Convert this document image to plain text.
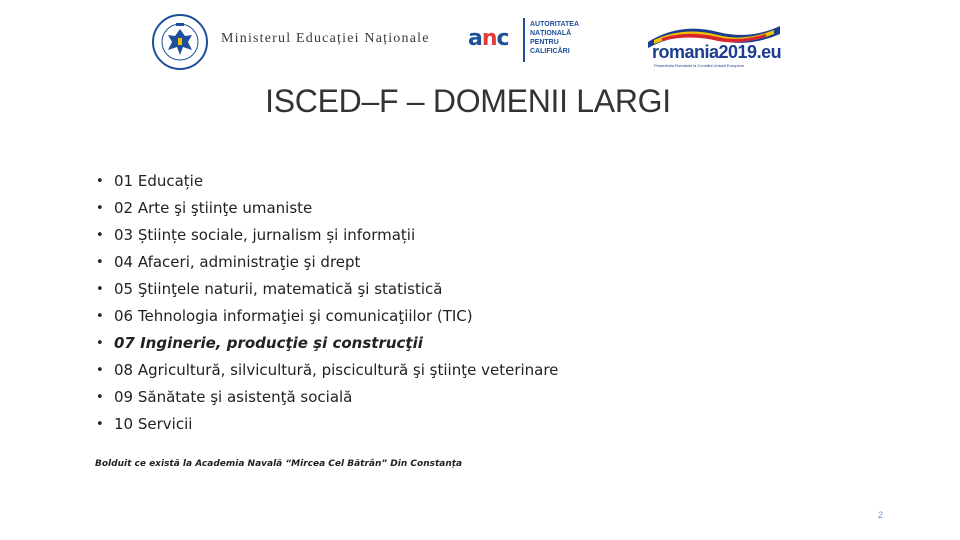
Ministerul Educației Naționale anc
AUTORITATEA
NAȚIONALĂ
PENTRU
CALIFICĂRI	romania2019.eu
Președinția României la Consiliul Uniunii Europene
ISCED–F – DOMENII LARGI
• 01 Educație
• 02 Arte şi ştiinţe umaniste
• 03 Științe sociale, jurnalism și informații
• 04 Afaceri, administraţie şi drept
• 05 Ştiinţele naturii, matematică şi statistică
• 06 Tehnologia informaţiei şi comunicaţiilor (TIC)
• 07 Inginerie, producţie şi construcţii
• 08 Agricultură, silvicultură, piscicultură şi ştiinţe veterinare
• 09 Sănătate şi asistenţă socială
• 10 Servicii
Bolduit ce există la Academia Navală “Mircea Cel Bătrân” Din Constanța
2
